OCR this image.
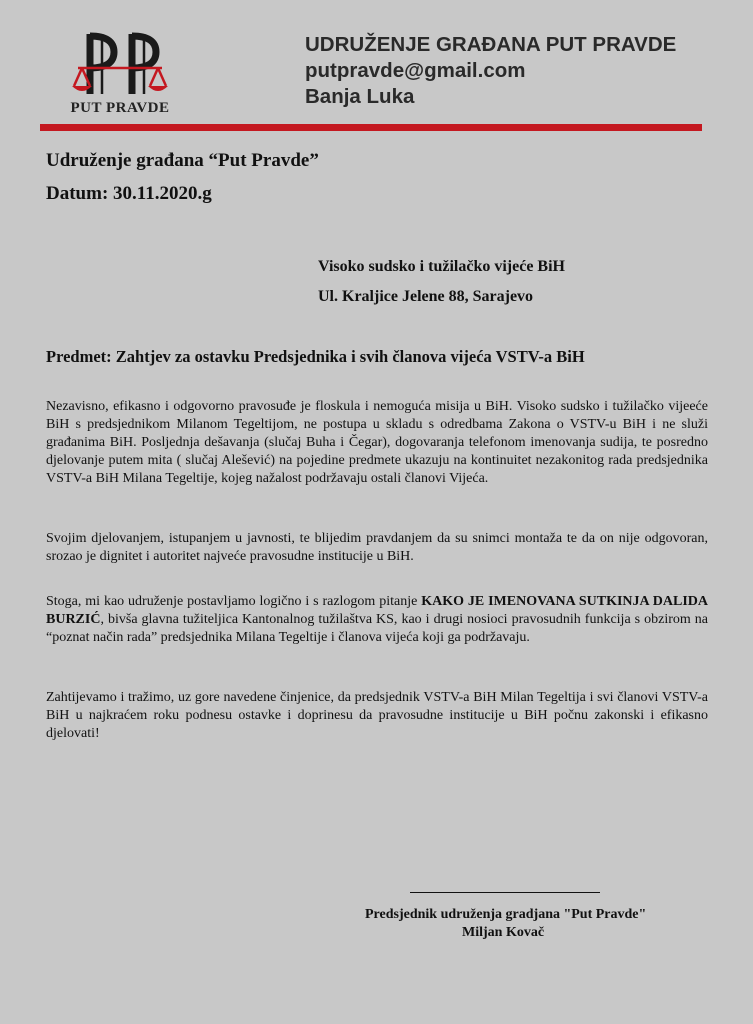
PUT PRAVDE
UDRUŽENJE GRAĐANA PUT PRAVDE
putpravde@gmail.com
Banja Luka
Udruženje građana “Put Pravde”
Datum: 30.11.2020.g
Visoko sudsko i tužilačko vijeće BiH
Ul. Kraljice Jelene 88, Sarajevo
Predmet: Zahtjev za ostavku Predsjednika i svih članova vijeća VSTV-a BiH
Nezavisno, efikasno i odgovorno pravosuđe je floskula i nemoguća misija u BiH. Visoko sudsko i tužilačko vijeeće BiH s predsjednikom Milanom Tegeltijom, ne postupa u skladu s odredbama Zakona o VSTV-u BiH i ne služi građanima BiH. Posljednja dešavanja (slučaj Buha i Čegar), dogovaranja telefonom imenovanja sudija, te posredno djelovanje putem mita ( slučaj Alešević) na pojedine predmete ukazuju na kontinuitet nezakonitog rada predsjednika VSTV-a BiH Milana Tegeltije, kojeg nažalost podržavaju ostali članovi Vijeća.
Svojim djelovanjem, istupanjem u javnosti, te blijedim pravdanjem da su snimci montaža te da on nije odgovoran, srozao je dignitet i autoritet najveće pravosudne institucije u BiH.
Stoga, mi kao udruženje postavljamo logično i s razlogom pitanje KAKO JE IMENOVANA SUTKINJA DALIDA BURZIĆ, bivša glavna tužiteljica Kantonalnog tužilaštva KS, kao i drugi nosioci pravosudnih funkcija s obzirom na “poznat način rada” predsjednika Milana Tegeltije i članova vijeća koji ga podržavaju.
Zahtijevamo i tražimo, uz gore navedene činjenice, da predsjednik VSTV-a BiH Milan Tegeltija i svi članovi VSTV-a BiH u najkraćem roku podnesu ostavke i doprinesu da pravosudne institucije u BiH počnu zakonski i efikasno djelovati!
Predsjednik udruženja gradjana "Put Pravde"
Miljan Kovač
